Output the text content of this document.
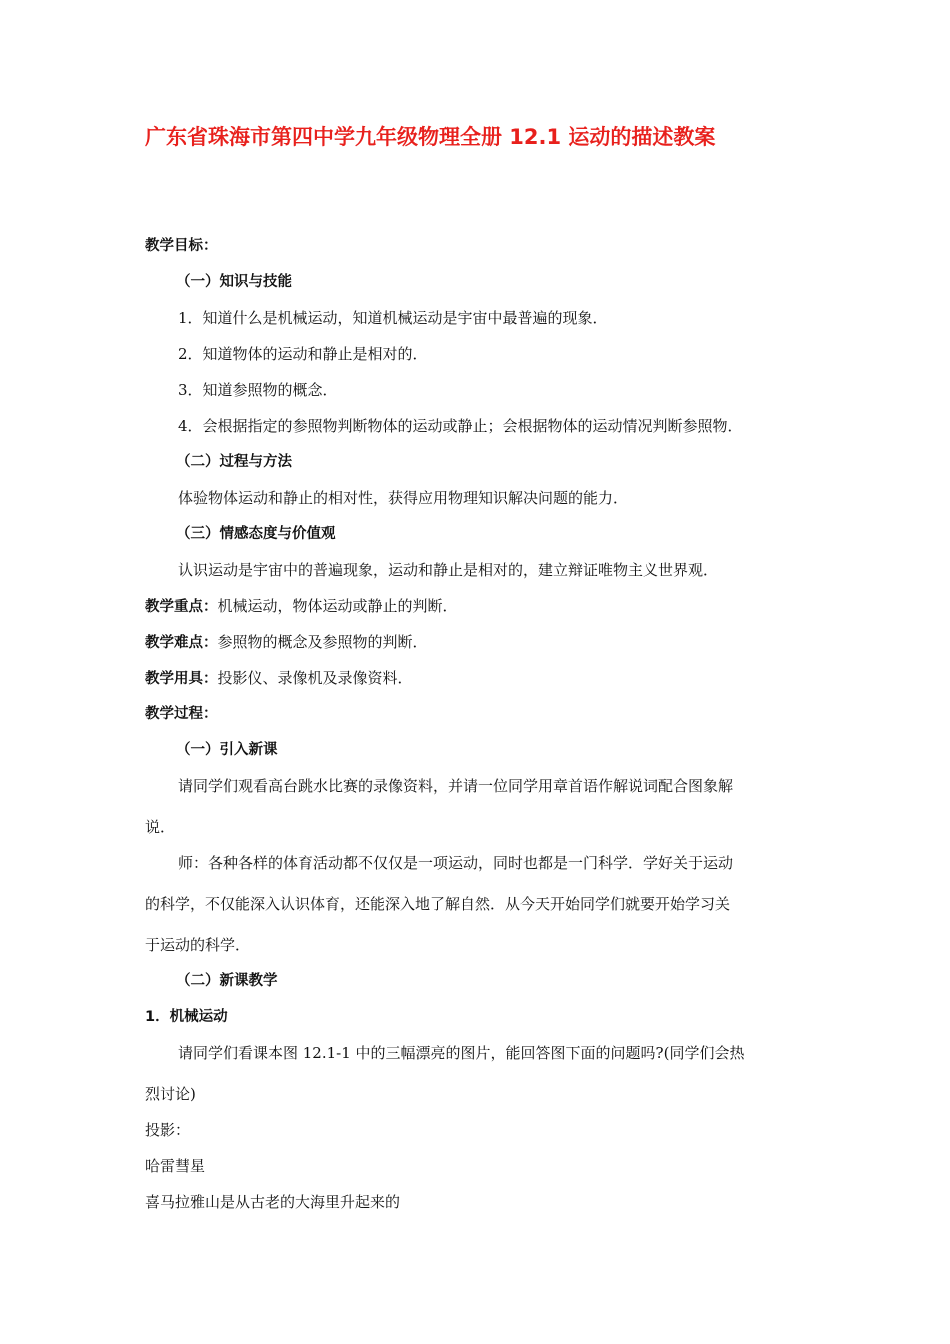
广东省珠海市第四中学九年级物理全册 12.1 运动的描述教案
教学目标：
（一）知识与技能
1．知道什么是机械运动，知道机械运动是宇宙中最普遍的现象．
2．知道物体的运动和静止是相对的．
3．知道参照物的概念．
4．会根据指定的参照物判断物体的运动或静止；会根据物体的运动情况判断参照物．
（二）过程与方法
体验物体运动和静止的相对性，获得应用物理知识解决问题的能力．
（三）情感态度与价值观
认识运动是宇宙中的普遍现象，运动和静止是相对的，建立辩证唯物主义世界观．
教学重点：机械运动，物体运动或静止的判断．
教学难点：参照物的概念及参照物的判断．
教学用具：投影仪、录像机及录像资料．
教学过程：
（一）引入新课
请同学们观看高台跳水比赛的录像资料，并请一位同学用章首语作解说词配合图象解
说．
师：各种各样的体育活动都不仅仅是一项运动，同时也都是一门科学．学好关于运动
的科学，不仅能深入认识体育，还能深入地了解自然．从今天开始同学们就要开始学习关
于运动的科学．
（二）新课教学
1．机械运动
请同学们看课本图 12.1-1 中的三幅漂亮的图片，能回答图下面的问题吗?(同学们会热
烈讨论)
投影：
哈雷彗星
喜马拉雅山是从古老的大海里升起来的
